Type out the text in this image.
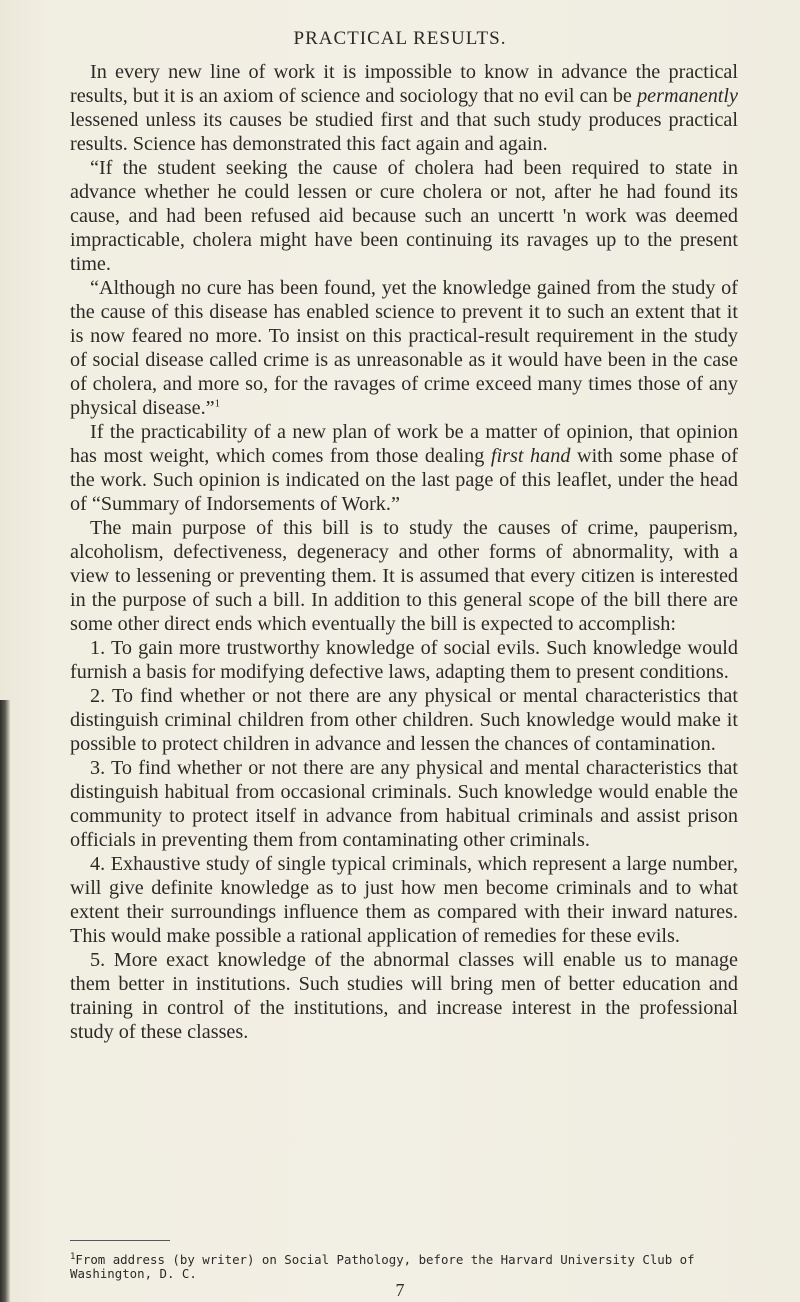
PRACTICAL RESULTS.

In every new line of work it is impossible to know in advance the practical results, but it is an axiom of science and sociology that no evil can be permanently lessened unless its causes be studied first and that such study produces practical results. Science has demonstrated this fact again and again.

“If the student seeking the cause of cholera had been required to state in advance whether he could lessen or cure cholera or not, after he had found its cause, and had been refused aid because such an uncertt 'n work was deemed impracticable, cholera might have been continuing its ravages up to the present time.

“Although no cure has been found, yet the knowledge gained from the study of the cause of this disease has enabled science to prevent it to such an extent that it is now feared no more. To insist on this practical-result requirement in the study of social disease called crime is as unreasonable as it would have been in the case of cholera, and more so, for the ravages of crime exceed many times those of any physical disease.”$^1$

If the practicability of a new plan of work be a matter of opinion, that opinion has most weight, which comes from those dealing first hand with some phase of the work. Such opinion is indicated on the last page of this leaflet, under the head of “Summary of Indorsements of Work.”

The main purpose of this bill is to study the causes of crime, pauperism, alcoholism, defectiveness, degeneracy and other forms of abnormality, with a view to lessening or preventing them. It is assumed that every citizen is interested in the purpose of such a bill. In addition to this general scope of the bill there are some other direct ends which eventually the bill is expected to accomplish:

1. To gain more trustworthy knowledge of social evils. Such knowledge would furnish a basis for modifying defective laws, adapting them to present conditions.

2. To find whether or not there are any physical or mental characteristics that distinguish criminal children from other children. Such knowledge would make it possible to protect children in advance and lessen the chances of contamination.

3. To find whether or not there are any physical and mental characteristics that distinguish habitual from occasional criminals. Such knowledge would enable the community to protect itself in advance from habitual criminals and assist prison officials in preventing them from contaminating other criminals.

4. Exhaustive study of single typical criminals, which represent a large number, will give definite knowledge as to just how men become criminals and to what extent their surroundings influence them as compared with their inward natures. This would make possible a rational application of remedies for these evils.

5. More exact knowledge of the abnormal classes will enable us to manage them better in institutions. Such studies will bring men of better education and training in control of the institutions, and increase interest in the professional study of these classes.

$^1$From address (by writer) on Social Pathology, before the Harvard University Club of Washington, D. C.
7
